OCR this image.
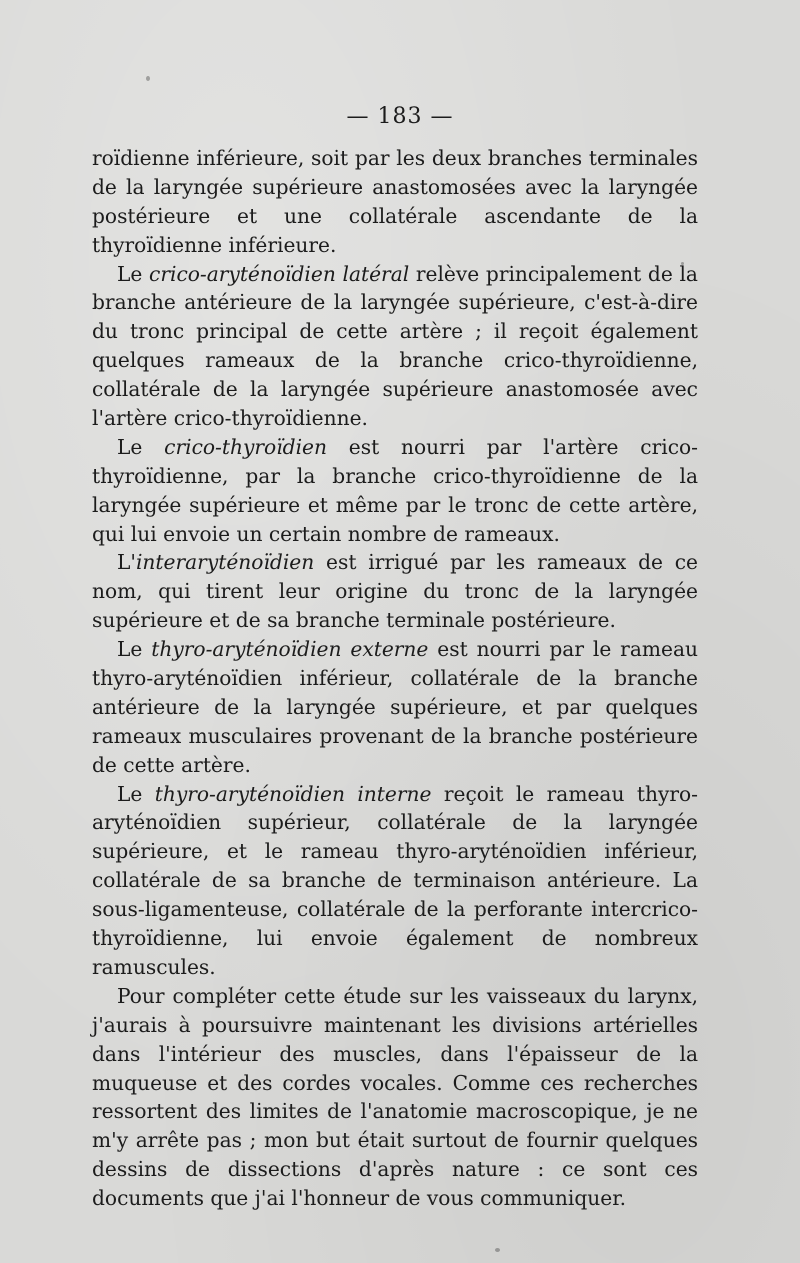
— 183 —

roïdienne inférieure, soit par les deux branches terminales de la laryngée supérieure anastomosées avec la laryngée postérieure et une collatérale ascendante de la thyroïdienne inférieure.

Le crico-aryténoïdien latéral relève principalement de la branche antérieure de la laryngée supérieure, c'est-à-dire du tronc principal de cette artère ; il reçoit également quelques rameaux de la branche crico-thyroïdienne, collatérale de la laryngée supérieure anastomosée avec l'artère crico-thyroïdienne.

Le crico-thyroïdien est nourri par l'artère crico-thyroïdienne, par la branche crico-thyroïdienne de la laryngée supérieure et même par le tronc de cette artère, qui lui envoie un certain nombre de rameaux.

L'interaryténoïdien est irrigué par les rameaux de ce nom, qui tirent leur origine du tronc de la laryngée supérieure et de sa branche terminale postérieure.

Le thyro-aryténoïdien externe est nourri par le rameau thyro-aryténoïdien inférieur, collatérale de la branche antérieure de la laryngée supérieure, et par quelques rameaux musculaires provenant de la branche postérieure de cette artère.

Le thyro-aryténoïdien interne reçoit le rameau thyro-aryténoïdien supérieur, collatérale de la laryngée supérieure, et le rameau thyro-aryténoïdien inférieur, collatérale de sa branche de terminaison antérieure. La sous-ligamenteuse, collatérale de la perforante intercrico-thyroïdienne, lui envoie également de nombreux ramuscules.

Pour compléter cette étude sur les vaisseaux du larynx, j'aurais à poursuivre maintenant les divisions artérielles dans l'intérieur des muscles, dans l'épaisseur de la muqueuse et des cordes vocales. Comme ces recherches ressortent des limites de l'anatomie macroscopique, je ne m'y arrête pas ; mon but était surtout de fournir quelques dessins de dissections d'après nature : ce sont ces documents que j'ai l'honneur de vous communiquer.
